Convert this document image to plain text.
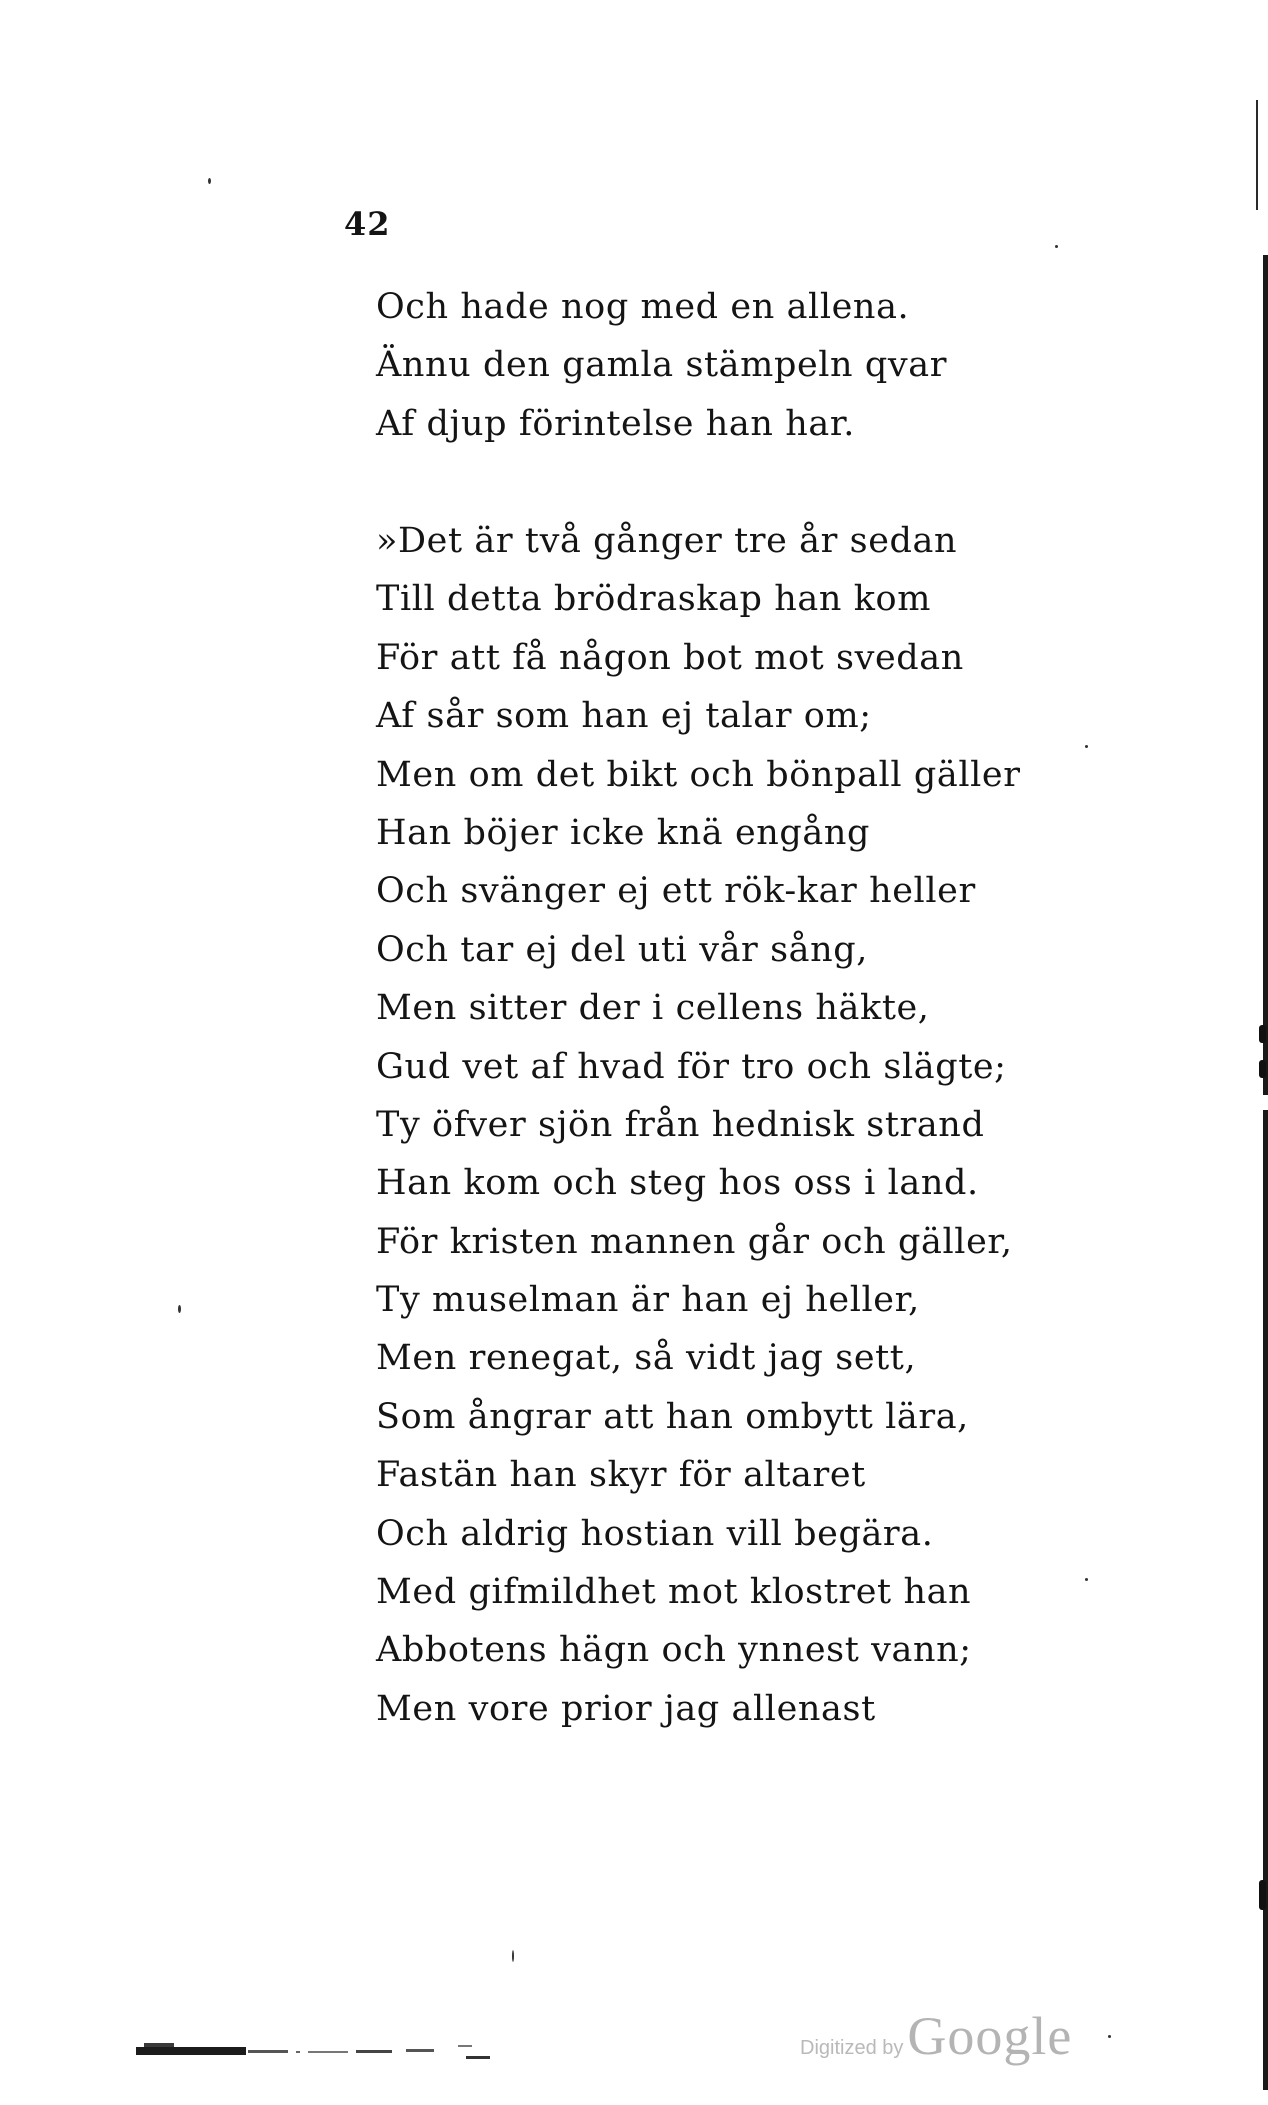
42
Och hade nog med en allena.
Ännu den gamla stämpeln qvar
Af djup förintelse han har.
»Det är två gånger tre år sedan
Till detta brödraskap han kom
För att få någon bot mot svedan
Af sår som han ej talar om;
Men om det bikt och bönpall gäller
Han böjer icke knä engång
Och svänger ej ett rök-kar heller
Och tar ej del uti vår sång,
Men sitter der i cellens häkte,
Gud vet af hvad för tro och slägte;
Ty öfver sjön från hednisk strand
Han kom och steg hos oss i land.
För kristen mannen går och gäller,
Ty muselman är han ej heller,
Men renegat, så vidt jag sett,
Som ångrar att han ombytt lära,
Fastän han skyr för altaret
Och aldrig hostian vill begära.
Med gifmildhet mot klostret han
Abbotens hägn och ynnest vann;
Men vore prior jag allenast
Digitized by Google
